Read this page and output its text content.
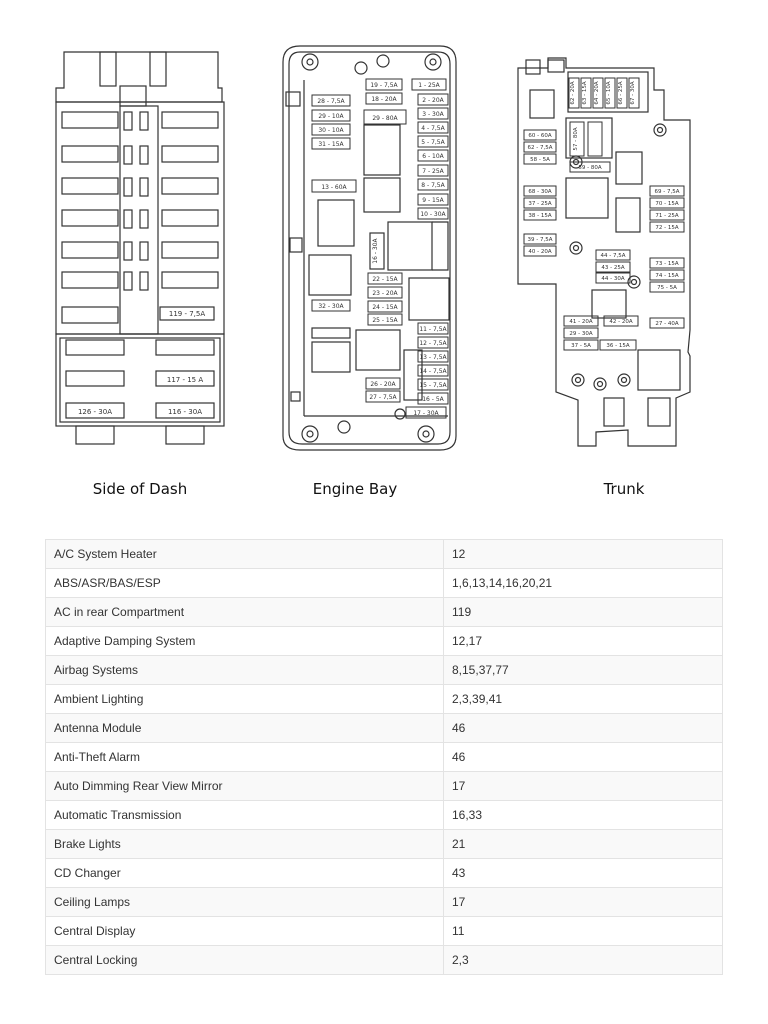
119 - 7,5A
117 - 15 A
126 - 30A	116 - 30A
19 - 7,5A	1 - 25A
18 - 20A	2 - 20A
28 - 7,5A
29 - 10A	29 - 80A
3 - 30A
30 - 10A	4 - 7,5A
31 - 15A	5 - 7,5A
6 - 10A
7 - 25A
13 - 60A	8 - 7,5A
9 - 15A
10 - 30A
16 - 30A
22 - 15A
23 - 20A
24 - 15A
25 - 15A
32 - 30A
11 - 7,5A
12 - 7,5A
13 - 7,5A
14 - 7,5A
15 - 7,5A
26 - 20A
16 - 5A
27 - 7,5A
17 - 30A
62 - 20A 63 - 15A 64 - 20A 65 - 10A 66 - 25A 67 - 30A
60 - 60A	57 - 80A
62 - 7,5A
58 - 5A
59 - 80A
68 - 30A	69 - 7,5A
37 - 25A	70 - 15A
38 - 15A	71 - 25A
72 - 15A
39 - 7,5A
40 - 20A
44 - 7,5A
43 - 25A
73 - 15A
44 - 30A	74 - 15A
75 - 5A
41 - 20A	42 - 20A	27 - 40A
29 - 30A
37 - 5A	36 - 15A
Side of Dash	Engine Bay	Trunk
A/C System Heater	12
ABS/ASR/BAS/ESP	1,6,13,14,16,20,21
AC in rear Compartment	119
Adaptive Damping System	12,17
Airbag Systems	8,15,37,77
Ambient Lighting	2,3,39,41
Antenna Module	46
Anti-Theft Alarm	46
Auto Dimming Rear View Mirror	17
Automatic Transmission	16,33
Brake Lights	21
CD Changer	43
Ceiling Lamps	17
Central Display	11
Central Locking	2,3
